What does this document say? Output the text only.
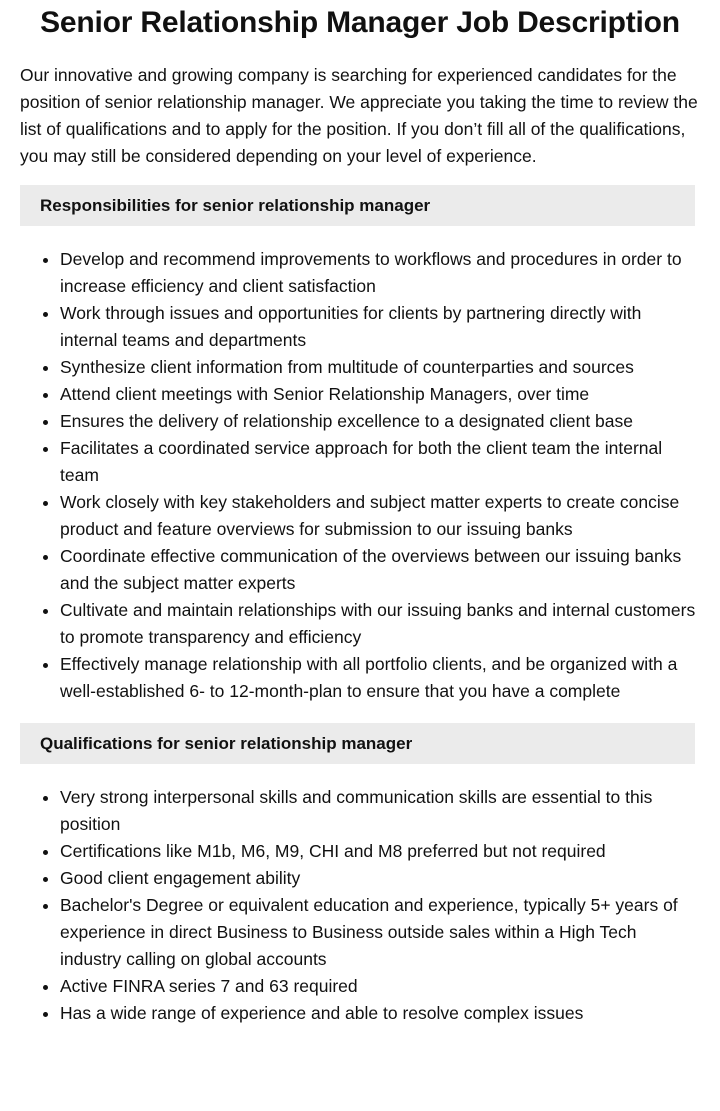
Senior Relationship Manager Job Description

Our innovative and growing company is searching for experienced candidates for the position of senior relationship manager. We appreciate you taking the time to review the list of qualifications and to apply for the position. If you don’t fill all of the qualifications, you may still be considered depending on your level of experience.

Responsibilities for senior relationship manager
• Develop and recommend improvements to workflows and procedures in order to increase efficiency and client satisfaction
• Work through issues and opportunities for clients by partnering directly with internal teams and departments
• Synthesize client information from multitude of counterparties and sources
• Attend client meetings with Senior Relationship Managers, over time
• Ensures the delivery of relationship excellence to a designated client base
• Facilitates a coordinated service approach for both the client team the internal team
• Work closely with key stakeholders and subject matter experts to create concise product and feature overviews for submission to our issuing banks
• Coordinate effective communication of the overviews between our issuing banks and the subject matter experts
• Cultivate and maintain relationships with our issuing banks and internal customers to promote transparency and efficiency
• Effectively manage relationship with all portfolio clients, and be organized with a well-established 6- to 12-month-plan to ensure that you have a complete
Qualifications for senior relationship manager
• Very strong interpersonal skills and communication skills are essential to this position
• Certifications like M1b, M6, M9, CHI and M8 preferred but not required
• Good client engagement ability
• Bachelor's Degree or equivalent education and experience, typically 5+ years of experience in direct Business to Business outside sales within a High Tech industry calling on global accounts
• Active FINRA series 7 and 63 required
• Has a wide range of experience and able to resolve complex issues
